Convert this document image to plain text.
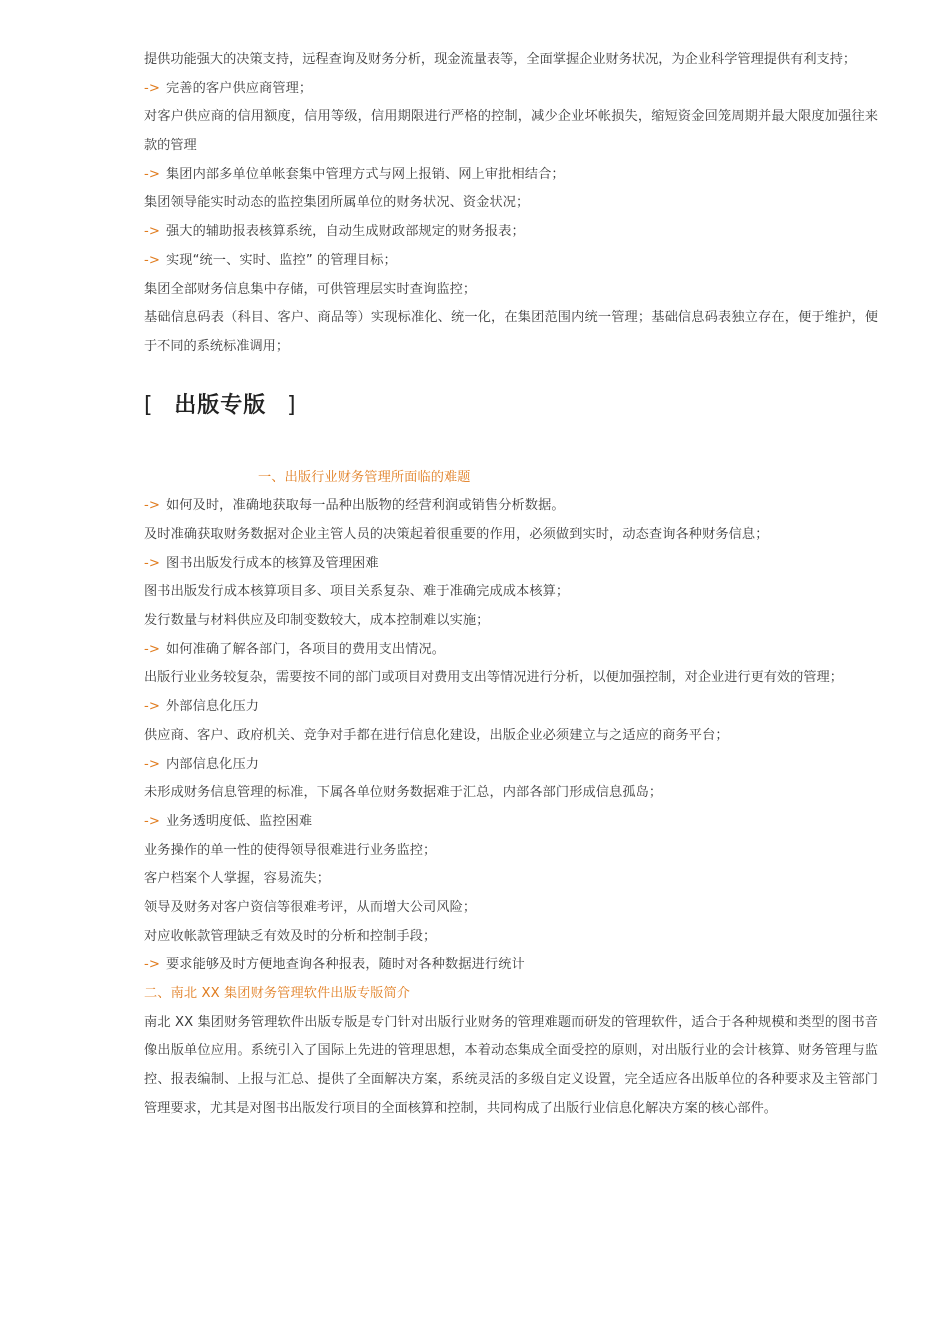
提供功能强大的决策支持，远程查询及财务分析，现金流量表等，全面掌握企业财务状况，为企业科学管理提供有利支持；
-> 完善的客户供应商管理；
对客户供应商的信用额度，信用等级，信用期限进行严格的控制，减少企业坏帐损失，缩短资金回笼周期并最大限度加强往来款的管理
-> 集团内部多单位单帐套集中管理方式与网上报销、网上审批相结合；
集团领导能实时动态的监控集团所属单位的财务状况、资金状况；
-> 强大的辅助报表核算系统，自动生成财政部规定的财务报表；
-> 实现“统一、实时、监控” 的管理目标；
集团全部财务信息集中存储，可供管理层实时查询监控；
基础信息码表（科目、客户、商品等）实现标准化、统一化，在集团范围内统一管理；基础信息码表独立存在，便于维护，便于不同的系统标准调用；
[ 出版专版 ]
一、出版行业财务管理所面临的难题
-> 如何及时，准确地获取每一品种出版物的经营利润或销售分析数据。
及时准确获取财务数据对企业主管人员的决策起着很重要的作用，必须做到实时，动态查询各种财务信息；
-> 图书出版发行成本的核算及管理困难
图书出版发行成本核算项目多、项目关系复杂、难于准确完成成本核算；
发行数量与材料供应及印制变数较大，成本控制难以实施；
-> 如何准确了解各部门，各项目的费用支出情况。
出版行业业务较复杂，需要按不同的部门或项目对费用支出等情况进行分析，以便加强控制，对企业进行更有效的管理；
-> 外部信息化压力
供应商、客户、政府机关、竞争对手都在进行信息化建设，出版企业必须建立与之适应的商务平台；
-> 内部信息化压力
未形成财务信息管理的标准，下属各单位财务数据难于汇总，内部各部门形成信息孤岛；
-> 业务透明度低、监控困难
业务操作的单一性的使得领导很难进行业务监控；
客户档案个人掌握，容易流失；
领导及财务对客户资信等很难考评，从而增大公司风险；
对应收帐款管理缺乏有效及时的分析和控制手段；
-> 要求能够及时方便地查询各种报表，随时对各种数据进行统计
二、南北 XX 集团财务管理软件出版专版简介
南北 XX 集团财务管理软件出版专版是专门针对出版行业财务的管理难题而研发的管理软件，适合于各种规模和类型的图书音像出版单位应用。系统引入了国际上先进的管理思想，本着动态集成全面受控的原则，对出版行业的会计核算、财务管理与监控、报表编制、上报与汇总、提供了全面解决方案，系统灵活的多级自定义设置，完全适应各出版单位的各种要求及主管部门管理要求，尤其是对图书出版发行项目的全面核算和控制，共同构成了出版行业信息化解决方案的核心部件。
